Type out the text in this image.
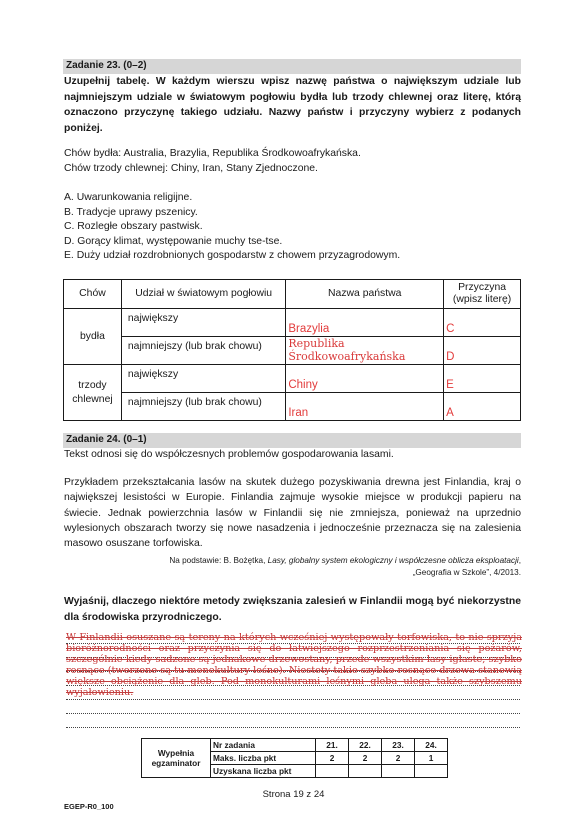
Zadanie 23. (0–2)
Uzupełnij tabelę. W każdym wierszu wpisz nazwę państwa o największym udziale lub najmniejszym udziale w światowym pogłowiu bydła lub trzody chlewnej oraz literę, którą oznaczono przyczynę takiego udziału. Nazwy państw i przyczyny wybierz z podanych poniżej.
Chów bydła: Australia, Brazylia, Republika Środkowoafrykańska.
Chów trzody chlewnej: Chiny, Iran, Stany Zjednoczone.
A. Uwarunkowania religijne.
B. Tradycje uprawy pszenicy.
C. Rozległe obszary pastwisk.
D. Gorący klimat, występowanie muchy tse-tse.
E. Duży udział rozdrobnionych gospodarstw z chowem przyzagrodowym.
Chów	Udział w światowym pogłowiu	Nazwa państwa	Przyczyna (wpisz literę)
bydła	największy	Brazylia	C

	najmniejszy (lub brak chowu)	Republika Środkowoafrykańska	D

trzody chlewnej	największy	Chiny	E

	najmniejszy (lub brak chowu)	Iran	A
Zadanie 24. (0–1)
Tekst odnosi się do współczesnych problemów gospodarowania lasami.
Przykładem przekształcania lasów na skutek dużego pozyskiwania drewna jest Finlandia, kraj o największej lesistości w Europie. Finlandia zajmuje wysokie miejsce w produkcji papieru na świecie. Jednak powierzchnia lasów w Finlandii się nie zmniejsza, ponieważ na uprzednio wylesionych obszarach tworzy się nowe nasadzenia i jednocześnie przeznacza się na zalesienia masowo osuszane torfowiska.
Na podstawie: B. Bożętka, Lasy, globalny system ekologiczny i współczesne oblicza eksploatacji,
„Geografia w Szkole”, 4/2013.
Wyjaśnij, dlaczego niektóre metody zwiększania zalesień w Finlandii mogą być niekorzystne dla środowiska przyrodniczego.
W Finlandii osuszane są tereny na których wcześniej występowały torfowiska, to nie sprzyja bioróżnorodności oraz przyczynia się do łatwiejszego rozprzestrzeniania się pożarów, szczególnie kiedy sadzone są jednakowe drzewostany, przede wszystkim lasy iglaste, szybko rosnące (tworzone są tu monokultury leśne). Niestety takie szybko rosnące drzewa stanowią większe obciążenie dla gleb. Pod monokulturami leśnymi gleba ulega także szybszemu wyjałowieniu.
Wypełnia egzaminator	Nr zadania	21.	22.	23.	24.
	Maks. liczba pkt	2	2	2	1
	Uzyskana liczba pkt				
Strona 19 z 24
EGEP-R0_100
